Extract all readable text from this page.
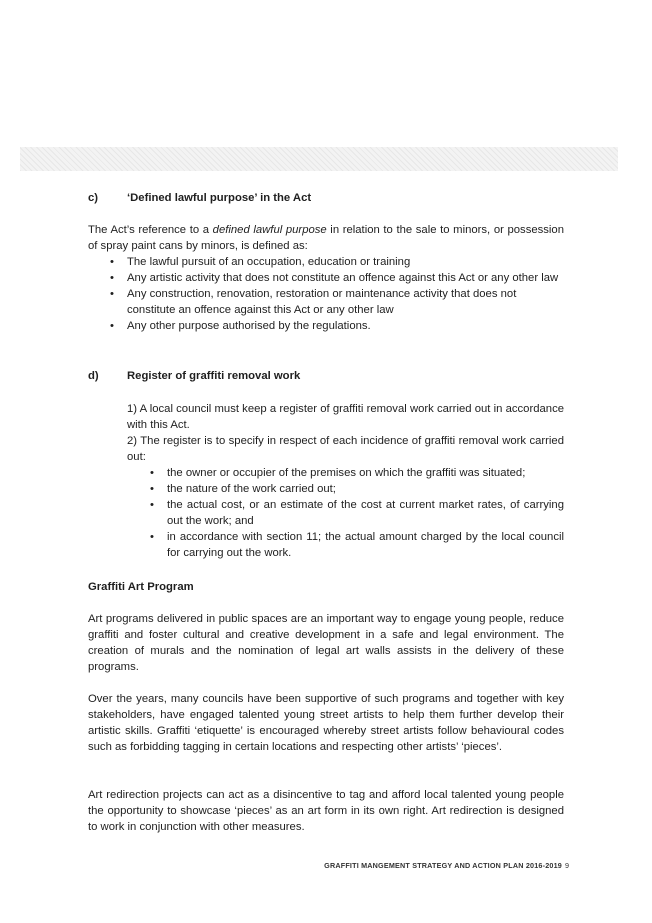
c)	‘Defined lawful purpose’ in the Act

The Act’s reference to a defined lawful purpose in relation to the sale to minors, or possession of spray paint cans by minors, is defined as:

• The lawful pursuit of an occupation, education or training
• Any artistic activity that does not constitute an offence against this Act or any other law
• Any construction, renovation, restoration or maintenance activity that does not constitute an offence against this Act or any other law
• Any other purpose authorised by the regulations.
d)	Register of graffiti removal work

1) A local council must keep a register of graffiti removal work carried out in accordance with this Act.

2) The register is to specify in respect of each incidence of graffiti removal work carried out:

• the owner or occupier of the premises on which the graffiti was situated;
• the nature of the work carried out;
• the actual cost, or an estimate of the cost at current market rates, of carrying out the work; and
• in accordance with section 11; the actual amount charged by the local council for carrying out the work.
Graffiti Art Program

Art programs delivered in public spaces are an important way to engage young people, reduce graffiti and foster cultural and creative development in a safe and legal environment. The creation of murals and the nomination of legal art walls assists in the delivery of these programs.

Over the years, many councils have been supportive of such programs and together with key stakeholders, have engaged talented young street artists to help them further develop their artistic skills. Graffiti ‘etiquette’ is encouraged whereby street artists follow behavioural codes such as forbidding tagging in certain locations and respecting other artists’ ‘pieces’.

Art redirection projects can act as a disincentive to tag and afford local talented young people the opportunity to showcase ‘pieces’ as an art form in its own right. Art redirection is designed to work in conjunction with other measures.

GRAFFITI MANGEMENT STRATEGY AND ACTION PLAN 2016-2019 9
